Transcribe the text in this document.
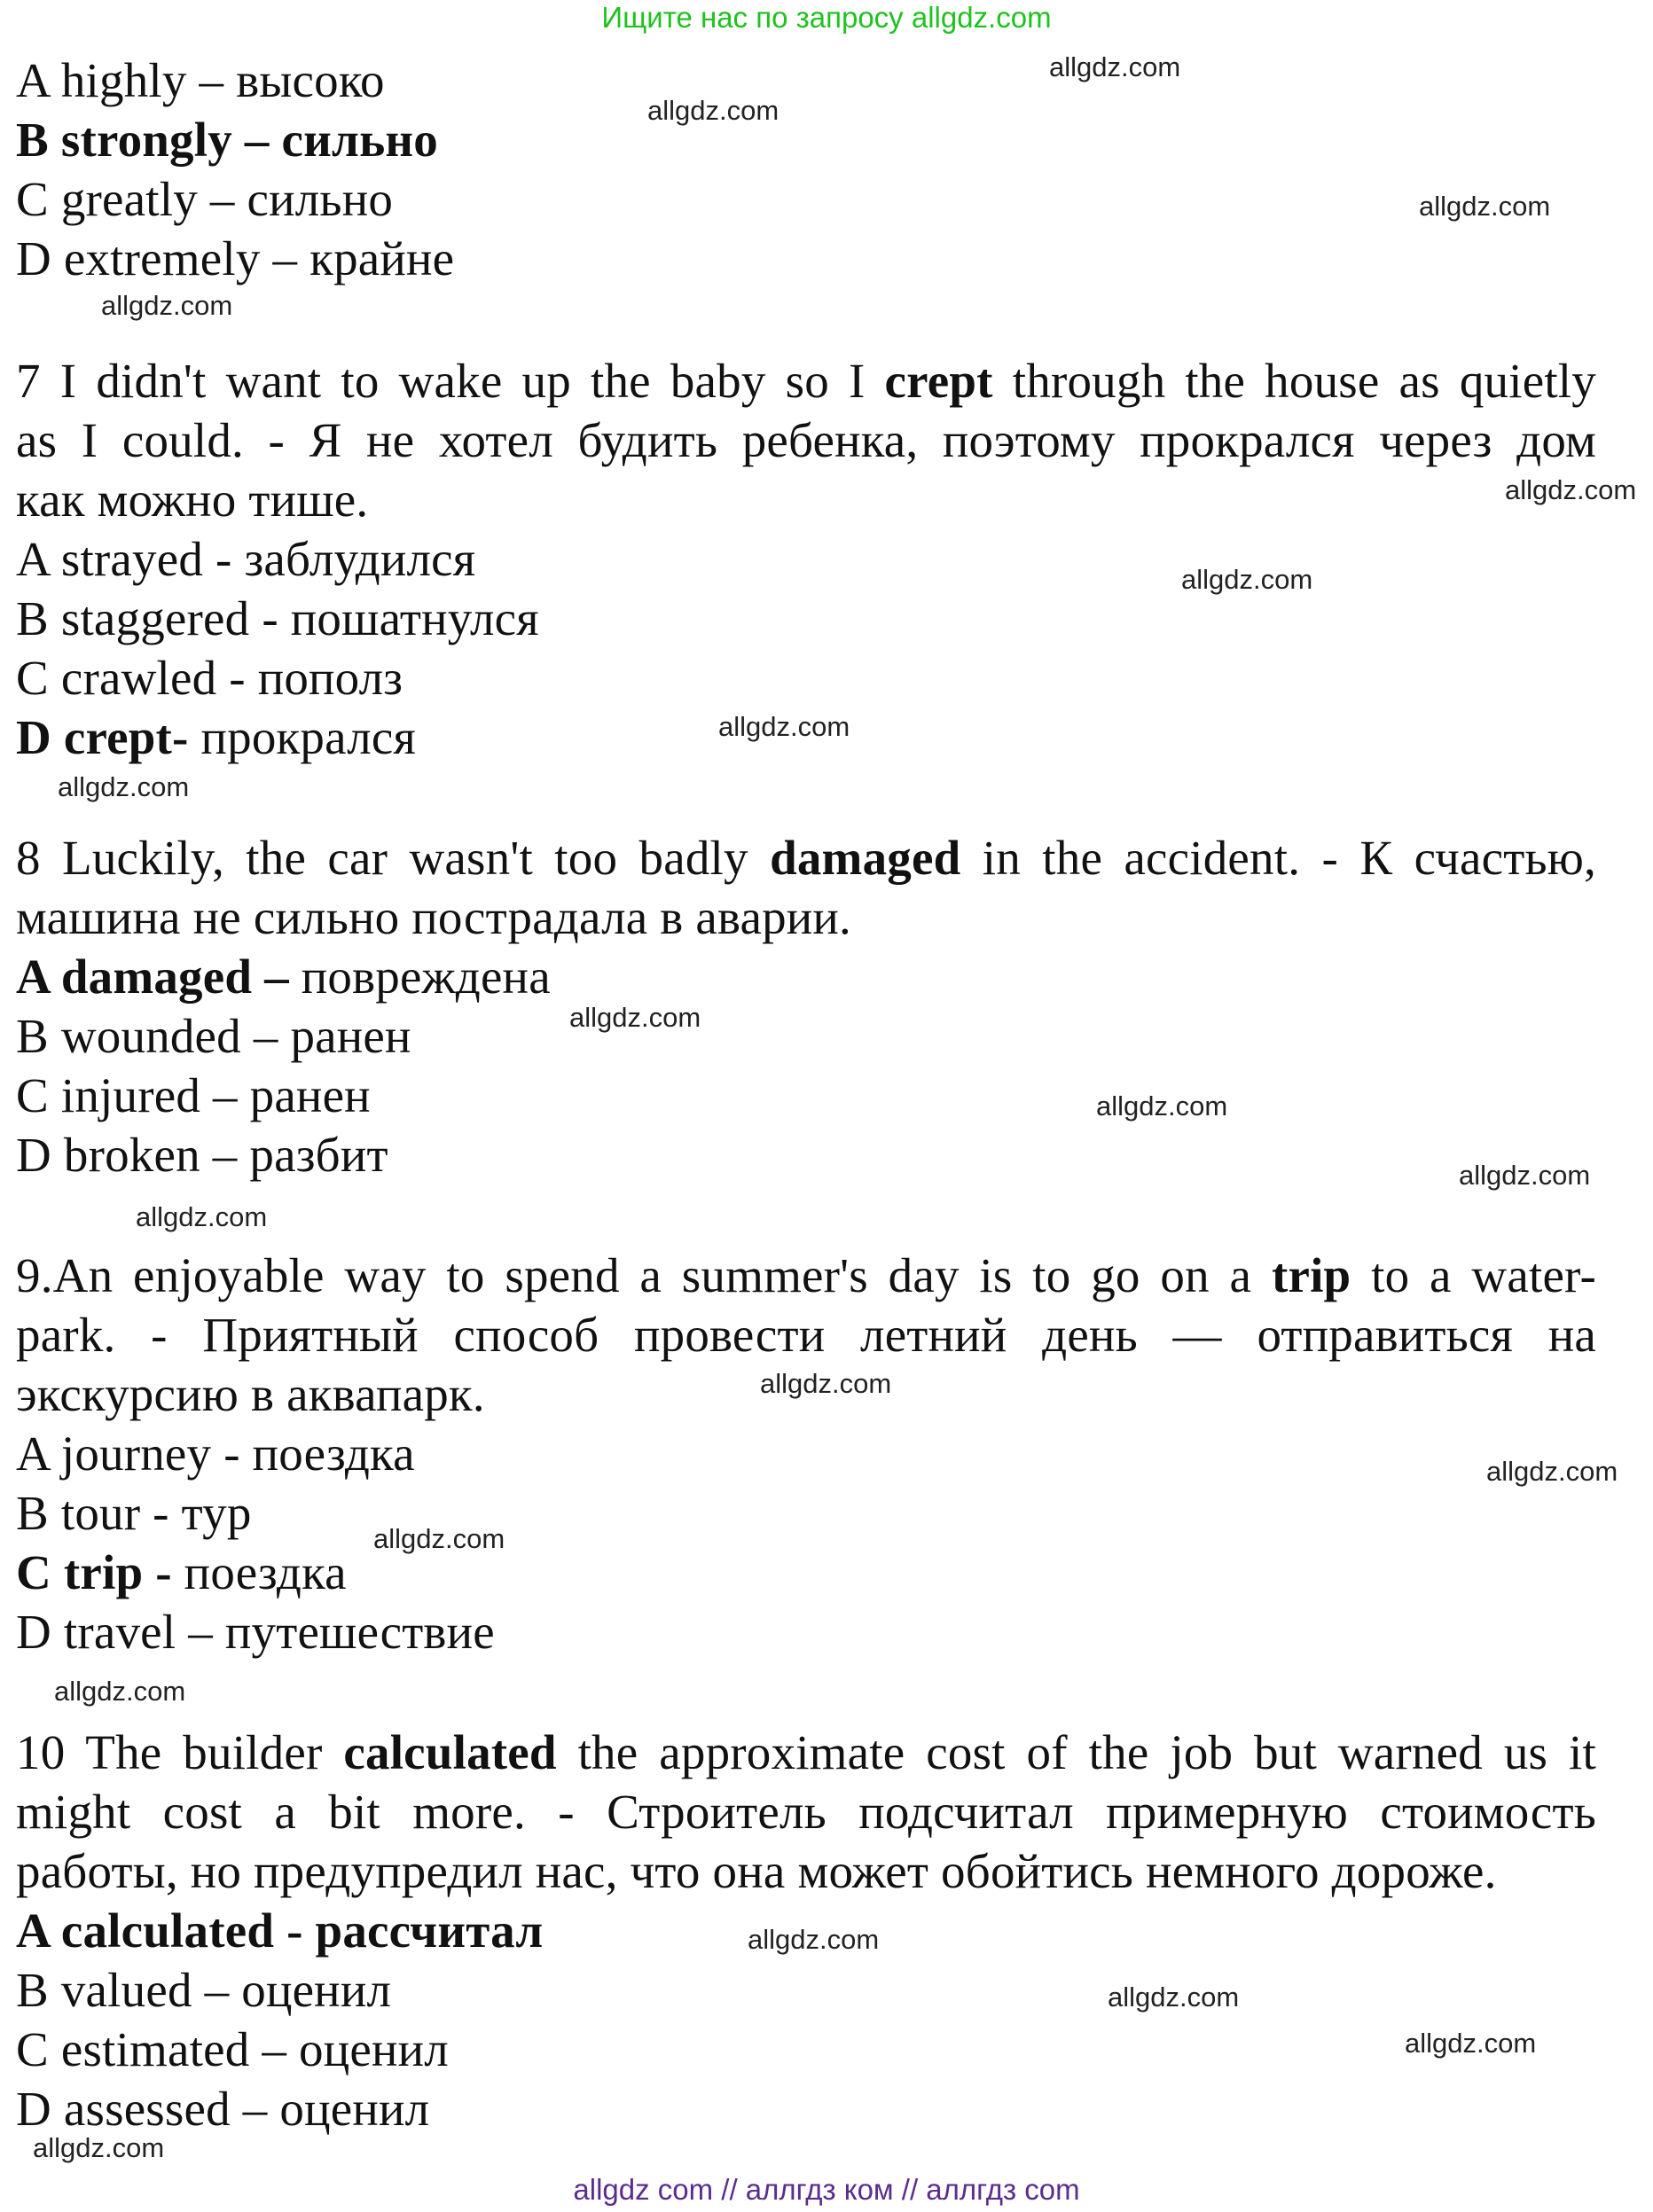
Ищите нас по запросу allgdz.com
A highly – высоко
B strongly – сильно
C greatly – сильно
D extremely – крайне
7 I didn't want to wake up the baby so I crept through the house as quietly
as I could. - Я не хотел будить ребенка, поэтому прокрался через дом
как можно тише.
A strayed - заблудился
B staggered - пошатнулся
C crawled - пополз
D crept- прокрался
8 Luckily, the car wasn't too badly damaged in the accident. - К счастью,
машина не сильно пострадала в аварии.
A damaged – повреждена
B wounded – ранен
C injured – ранен
D broken – разбит
9.An enjoyable way to spend a summer's day is to go on a trip to a water-
park. - Приятный способ провести летний день — отправиться на
экскурсию в аквапарк.
A journey - поездка
B tour - тур
C trip - поездка
D travel – путешествие
10 The builder calculated the approximate cost of the job but warned us it
might cost a bit more. - Строитель подсчитал примерную стоимость
работы, но предупредил нас, что она может обойтись немного дороже.
A calculated - рассчитал
B valued – оценил
C estimated – оценил
D assessed – оценил
allgdz.com
allgdz.com
allgdz.com
allgdz.com
allgdz.com
allgdz.com
allgdz.com
allgdz.com
allgdz.com
allgdz.com
allgdz.com
allgdz.com
allgdz.com
allgdz.com
allgdz.com
allgdz.com
allgdz.com
allgdz.com
allgdz.com
allgdz.com
allgdz com // аллгдз ком // аллгдз com
